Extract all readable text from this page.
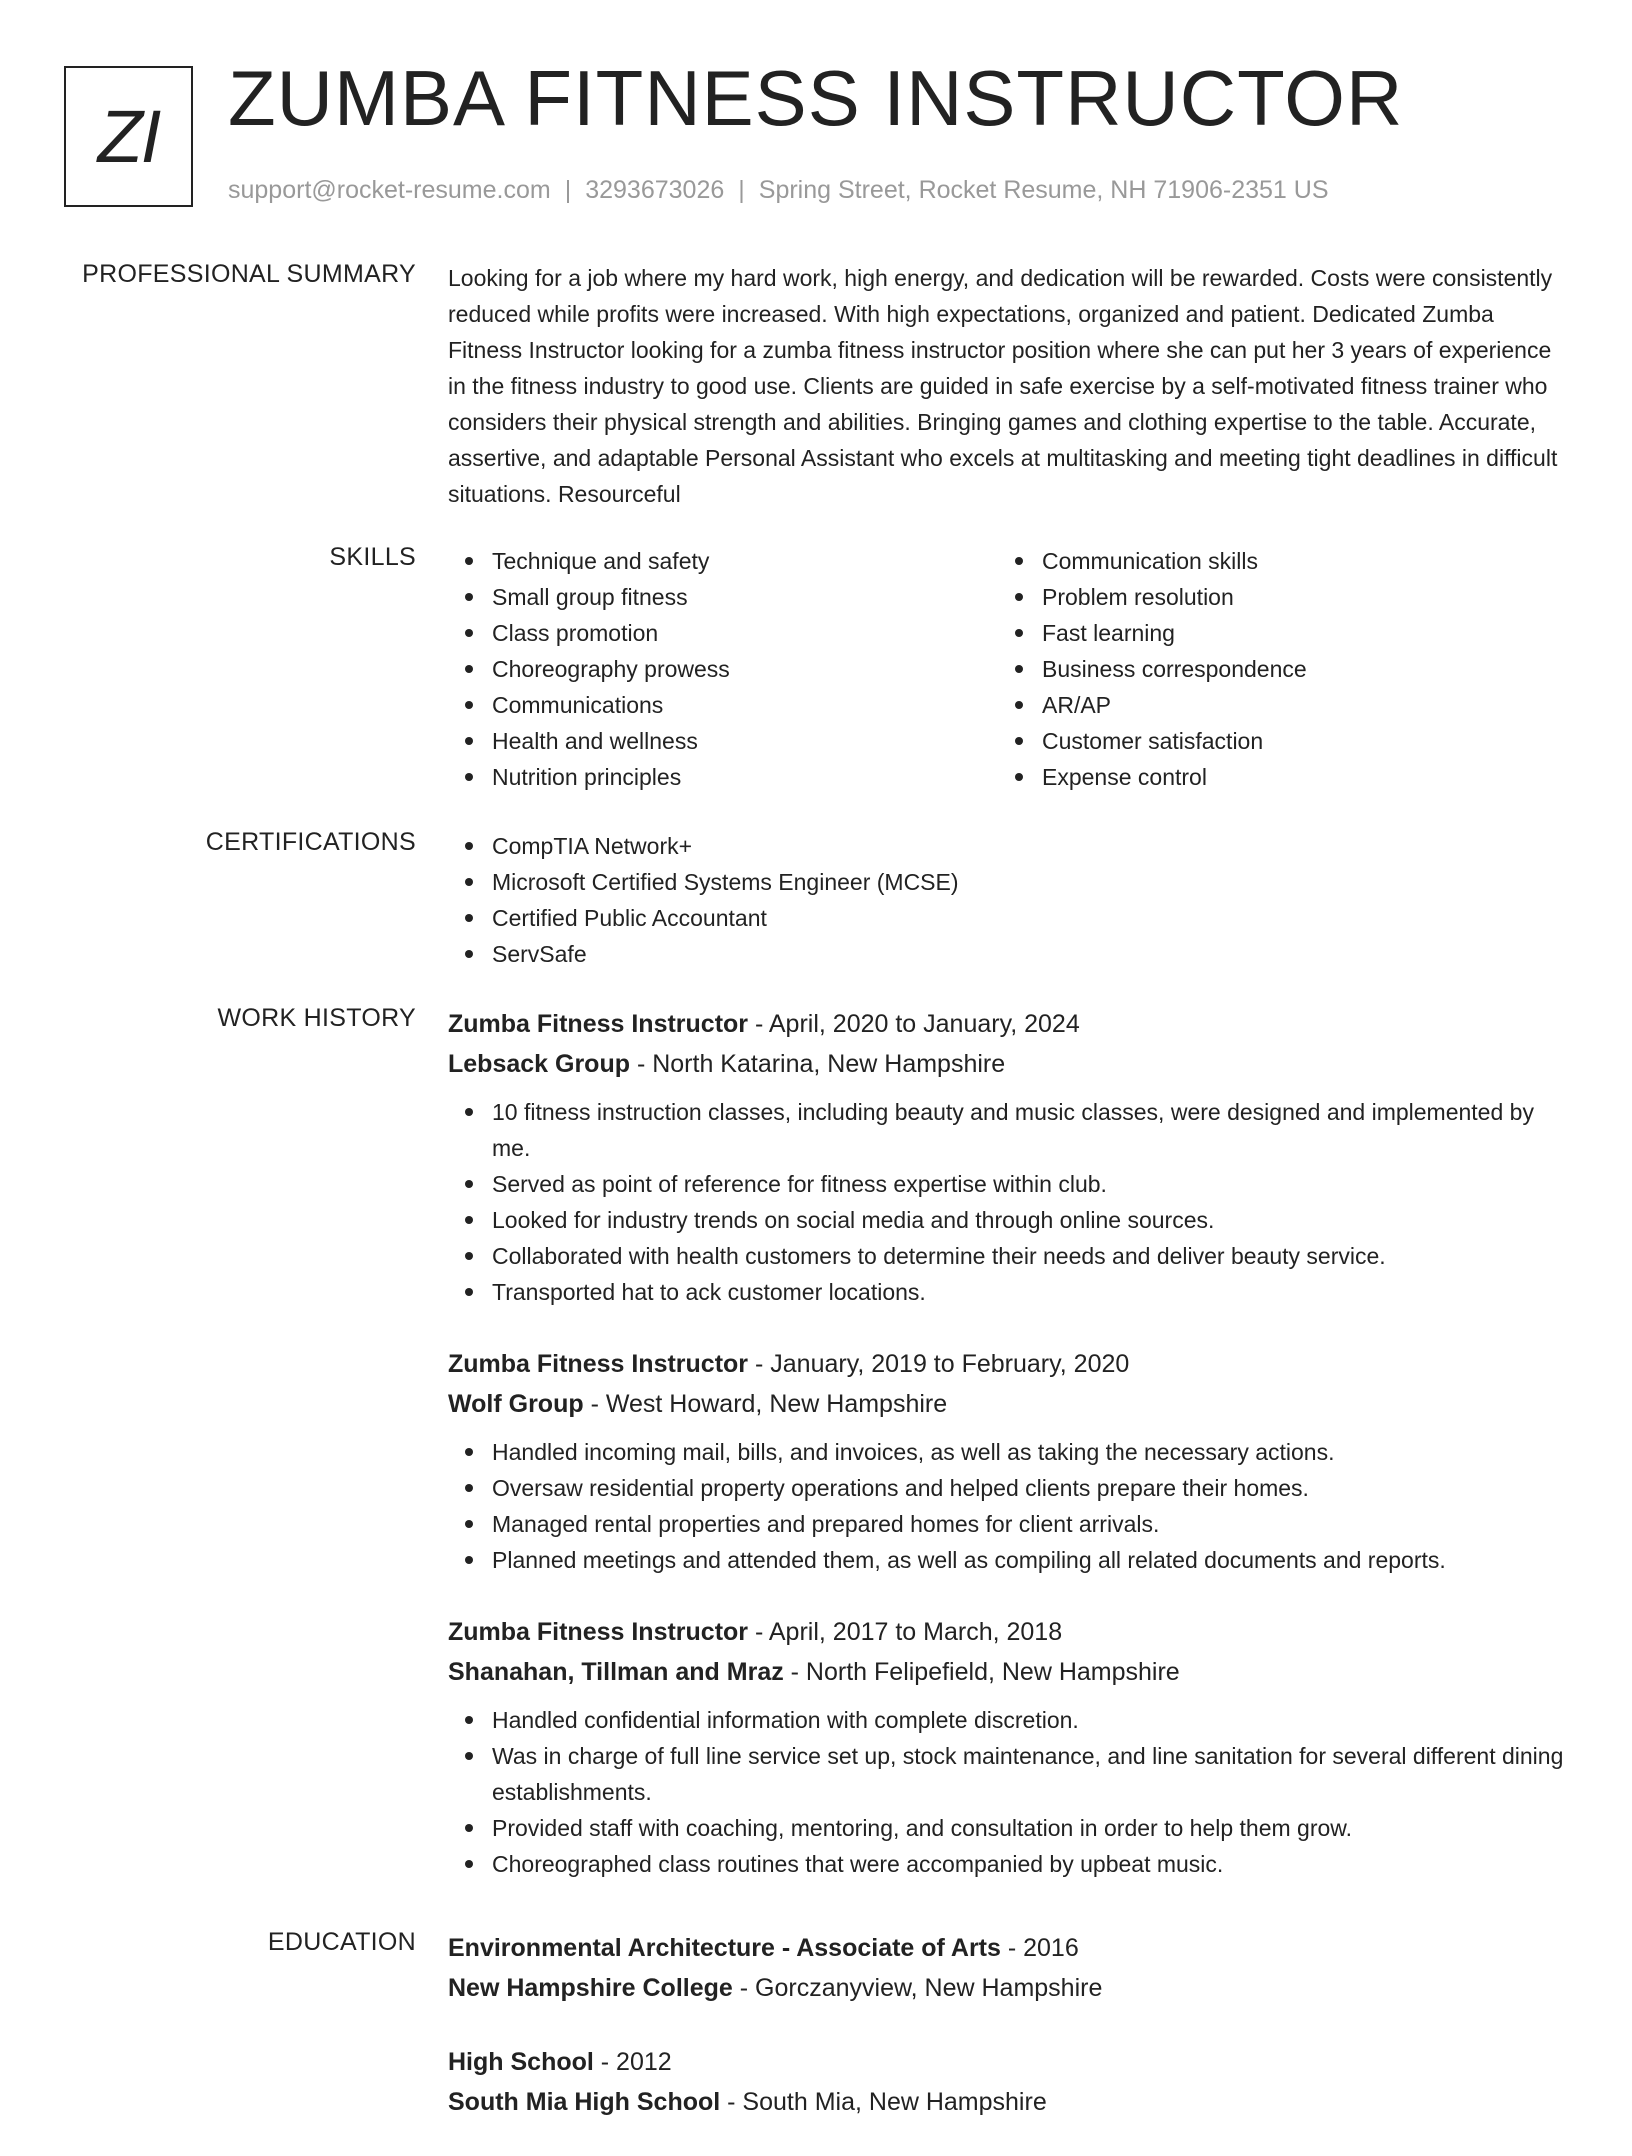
ZI ZUMBA FITNESS INSTRUCTOR
support@rocket-resume.com | 3293673026 | Spring Street, Rocket Resume, NH 71906-2351 US
PROFESSIONAL SUMMARY Looking for a job where my hard work, high energy, and dedication will be rewarded. Costs were consistently reduced while profits were increased. With high expectations, organized and patient. Dedicated Zumba Fitness Instructor looking for a zumba fitness instructor position where she can put her 3 years of experience in the fitness industry to good use. Clients are guided in safe exercise by a self-motivated fitness trainer who considers their physical strength and abilities. Bringing games and clothing expertise to the table. Accurate, assertive, and adaptable Personal Assistant who excels at multitasking and meeting tight deadlines in difficult situations. Resourceful

SKILLS	Technique and safety
Small group fitness
Class promotion
Choreography prowess
Communications
Health and wellness
Nutrition principles
Communication skills
Problem resolution
Fast learning
Business correspondence
AR/AP
Customer satisfaction
Expense control
CERTIFICATIONS	CompTIA Network+
Microsoft Certified Systems Engineer (MCSE)
Certified Public Accountant
ServSafe
WORK HISTORY Zumba Fitness Instructor - April, 2020 to January, 2024
Lebsack Group - North Katarina, New Hampshire
10 fitness instruction classes, including beauty and music classes, were designed and implemented by me.
Served as point of reference for fitness expertise within club.
Looked for industry trends on social media and through online sources.
Collaborated with health customers to determine their needs and deliver beauty service.
Transported hat to ack customer locations.
Zumba Fitness Instructor - January, 2019 to February, 2020
Wolf Group - West Howard, New Hampshire
Handled incoming mail, bills, and invoices, as well as taking the necessary actions.
Oversaw residential property operations and helped clients prepare their homes.
Managed rental properties and prepared homes for client arrivals.
Planned meetings and attended them, as well as compiling all related documents and reports.
Zumba Fitness Instructor - April, 2017 to March, 2018
Shanahan, Tillman and Mraz - North Felipefield, New Hampshire
Handled confidential information with complete discretion.
Was in charge of full line service set up, stock maintenance, and line sanitation for several different dining establishments.
Provided staff with coaching, mentoring, and consultation in order to help them grow.
Choreographed class routines that were accompanied by upbeat music.
EDUCATION Environmental Architecture - Associate of Arts - 2016
New Hampshire College - Gorczanyview, New Hampshire
High School - 2012
South Mia High School - South Mia, New Hampshire
